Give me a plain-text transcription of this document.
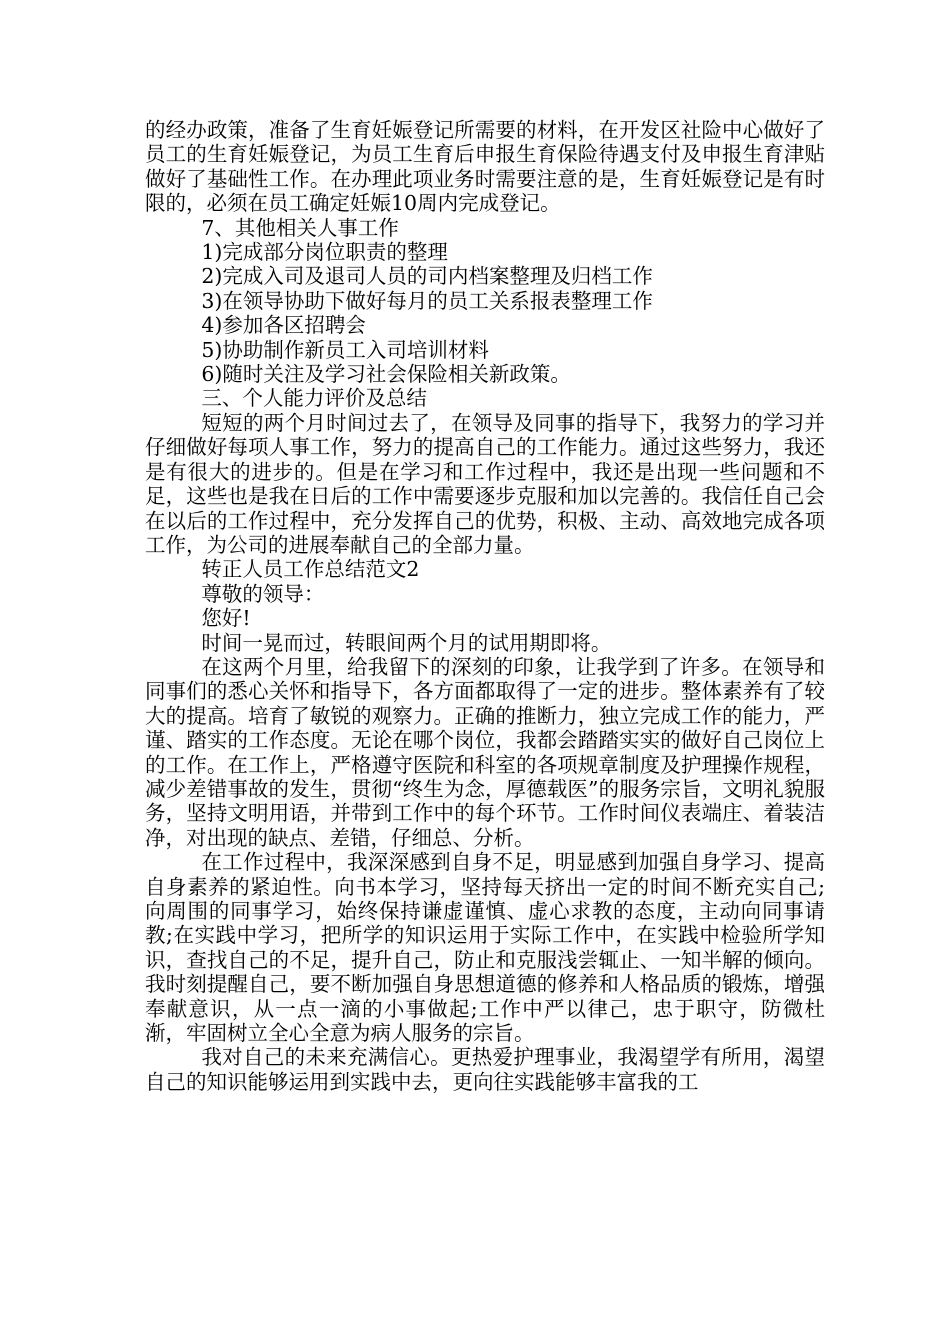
的经办政策，准备了生育妊娠登记所需要的材料，在开发区社险中心做好了员工的生育妊娠登记，为员工生育后申报生育保险待遇支付及申报生育津贴做好了基础性工作。在办理此项业务时需要注意的是，生育妊娠登记是有时限的，必须在员工确定妊娠10周内完成登记。

7、其他相关人事工作

1)完成部分岗位职责的整理

2)完成入司及退司人员的司内档案整理及归档工作

3)在领导协助下做好每月的员工关系报表整理工作

4)参加各区招聘会

5)协助制作新员工入司培训材料

6)随时关注及学习社会保险相关新政策。

三、个人能力评价及总结

短短的两个月时间过去了，在领导及同事的指导下，我努力的学习并仔细做好每项人事工作，努力的提高自己的工作能力。通过这些努力，我还是有很大的进步的。但是在学习和工作过程中，我还是出现一些问题和不足，这些也是我在日后的工作中需要逐步克服和加以完善的。我信任自己会在以后的工作过程中，充分发挥自己的优势，积极、主动、高效地完成各项工作，为公司的进展奉献自己的全部力量。

转正人员工作总结范文2

尊敬的领导：

您好!

时间一晃而过，转眼间两个月的试用期即将。

在这两个月里，给我留下的深刻的印象，让我学到了许多。在领导和同事们的悉心关怀和指导下，各方面都取得了一定的进步。整体素养有了较大的提高。培育了敏锐的观察力。正确的推断力，独立完成工作的能力，严谨、踏实的工作态度。无论在哪个岗位，我都会踏踏实实的做好自己岗位上的工作。在工作上，严格遵守医院和科室的各项规章制度及护理操作规程，减少差错事故的发生，贯彻“终生为念，厚德载医”的服务宗旨，文明礼貌服务，坚持文明用语，并带到工作中的每个环节。工作时间仪表端庄、着装洁净，对出现的缺点、差错，仔细总、分析。

在工作过程中，我深深感到自身不足，明显感到加强自身学习、提高自身素养的紧迫性。向书本学习，坚持每天挤出一定的时间不断充实自己;向周围的同事学习，始终保持谦虚谨慎、虚心求教的态度，主动向同事请教;在实践中学习，把所学的知识运用于实际工作中，在实践中检验所学知识，查找自己的不足，提升自己，防止和克服浅尝辄止、一知半解的倾向。我时刻提醒自己，要不断加强自身思想道德的修养和人格品质的锻炼，增强奉献意识，从一点一滴的小事做起;工作中严以律己，忠于职守，防微杜渐，牢固树立全心全意为病人服务的宗旨。

我对自己的未来充满信心。更热爱护理事业，我渴望学有所用，渴望自己的知识能够运用到实践中去，更向往实践能够丰富我的工
